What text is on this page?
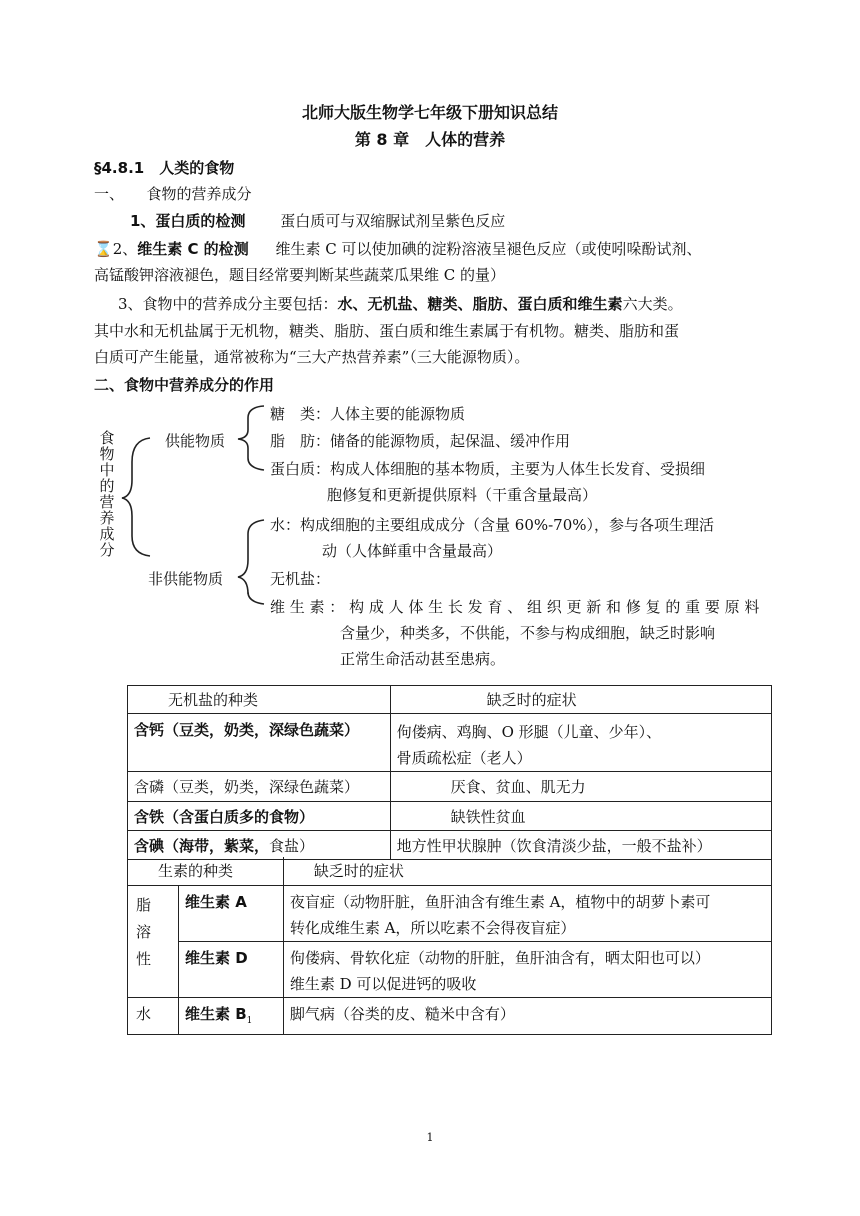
北师大版生物学七年级下册知识总结
第 8 章　人体的营养
§4.8.1　人类的食物
一、　　食物的营养成分
1、蛋白质的检测 蛋白质可与双缩脲试剂呈紫色反应
⌛2、维生素 C 的检测 维生素 C 可以使加碘的淀粉溶液呈褪色反应（或使吲哚酚试剂、
高锰酸钾溶液褪色，题目经常要判断某些蔬菜瓜果维 C 的量）
3、食物中的营养成分主要包括：水、无机盐、糖类、脂肪、蛋白质和维生素六大类。
其中水和无机盐属于无机物，糖类、脂肪、蛋白质和维生素属于有机物。糖类、脂肪和蛋
白质可产生能量，通常被称为“三大产热营养素”（三大能源物质）。
二、食物中营养成分的作用
食物中的营养成分
供能物质
非供能物质
糖　类：人体主要的能源物质
脂　肪：储备的能源物质，起保温、缓冲作用
蛋白质：构成人体细胞的基本物质，主要为人体生长发育、受损细
胞修复和更新提供原料（干重含量最高）
水：构成细胞的主要组成成分（含量 60%-70%），参与各项生理活
动（人体鲜重中含量最高）
无机盐：
维 生 素 ： 构 成 人 体 生 长 发 育 、 组 织 更 新 和 修 复 的 重 要 原 料
含量少，种类多，不供能，不参与构成细胞，缺乏时影响
正常生命活动甚至患病。
无机盐的种类	缺乏时的症状
含钙（豆类，奶类，深绿色蔬菜）	佝偻病、鸡胸、O 形腿（儿童、少年）、
骨质疏松症（老人）

含磷（豆类，奶类，深绿色蔬菜）	厌食、贫血、肌无力
含铁（含蛋白质多的食物）	缺铁性贫血
含碘（海带，紫菜，食盐）	地方性甲状腺肿（饮食清淡少盐，一般不盐补）
生素的种类		缺乏时的症状
脂溶性	维生素 A	夜盲症（动物肝脏，鱼肝油含有维生素 A，植物中的胡萝卜素可
转化成维生素 A，所以吃素不会得夜盲症）

	维生素 D	佝偻病、骨软化症（动物的肝脏，鱼肝油含有，晒太阳也可以）
维生素 D 可以促进钙的吸收

水	维生素 $B_1$	脚气病（谷类的皮、糙米中含有）
1
